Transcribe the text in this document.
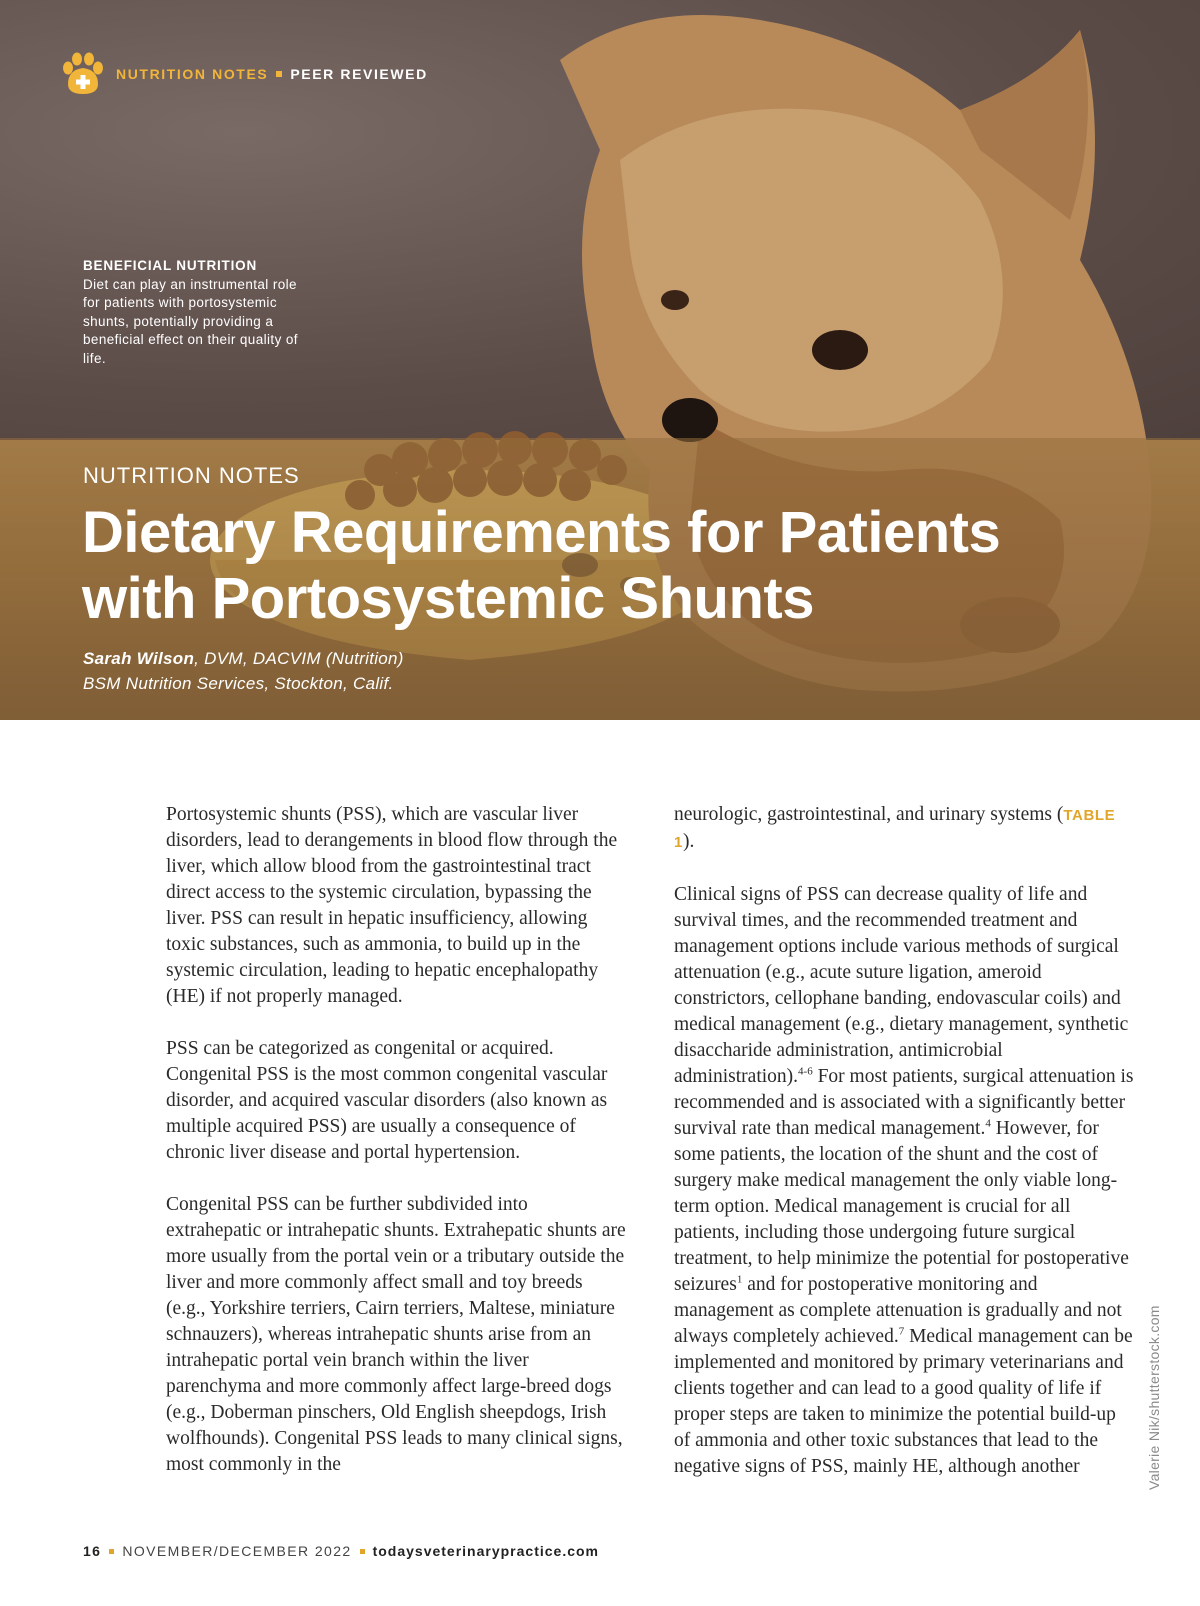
NUTRITION NOTES PEER REVIEWED
BENEFICIAL NUTRITION
Diet can play an instrumental role for patients with portosystemic shunts, potentially providing a beneficial effect on their quality of life.
NUTRITION NOTES
Dietary Requirements for Patients
with Portosystemic Shunts
Sarah Wilson, DVM, DACVIM (Nutrition)
BSM Nutrition Services, Stockton, Calif.

Portosystemic shunts (PSS), which are vascular liver disorders, lead to derangements in blood flow through the liver, which allow blood from the gastrointestinal tract direct access to the systemic circulation, bypassing the liver. PSS can result in hepatic insufficiency, allowing toxic substances, such as ammonia, to build up in the systemic circulation, leading to hepatic encephalopathy (HE) if not properly managed.

PSS can be categorized as congenital or acquired. Congenital PSS is the most common congenital vascular disorder, and acquired vascular disorders (also known as multiple acquired PSS) are usually a consequence of chronic liver disease and portal hypertension.

Congenital PSS can be further subdivided into extrahepatic or intrahepatic shunts. Extrahepatic shunts are more usually from the portal vein or a tributary outside the liver and more commonly affect small and toy breeds (e.g., Yorkshire terriers, Cairn terriers, Maltese, miniature schnauzers), whereas intrahepatic shunts arise from an intrahepatic portal vein branch within the liver parenchyma and more commonly affect large-breed dogs (e.g., Doberman pinschers, Old English sheepdogs, Irish wolfhounds). Congenital PSS leads to many clinical signs, most commonly in the

neurologic, gastrointestinal, and urinary systems (TABLE 1).

Clinical signs of PSS can decrease quality of life and survival times, and the recommended treatment and management options include various methods of surgical attenuation (e.g., acute suture ligation, ameroid constrictors, cellophane banding, endovascular coils) and medical management (e.g., dietary management, synthetic disaccharide administration, antimicrobial administration).$^{4-6}$ For most patients, surgical attenuation is recommended and is associated with a significantly better survival rate than medical management.$^4$ However, for some patients, the location of the shunt and the cost of surgery make medical management the only viable long-term option. Medical management is crucial for all patients, including those undergoing future surgical treatment, to help minimize the potential for postoperative seizures$^1$ and for postoperative monitoring and management as complete attenuation is gradually and not always completely achieved.$^7$ Medical management can be implemented and monitored by primary veterinarians and clients together and can lead to a good quality of life if proper steps are taken to minimize the potential build-up of ammonia and other toxic substances that lead to the negative signs of PSS, mainly HE, although another	Valerie Nik/shutterstock.com
16 NOVEMBER/DECEMBER 2022 todaysveterinarypractice.com
